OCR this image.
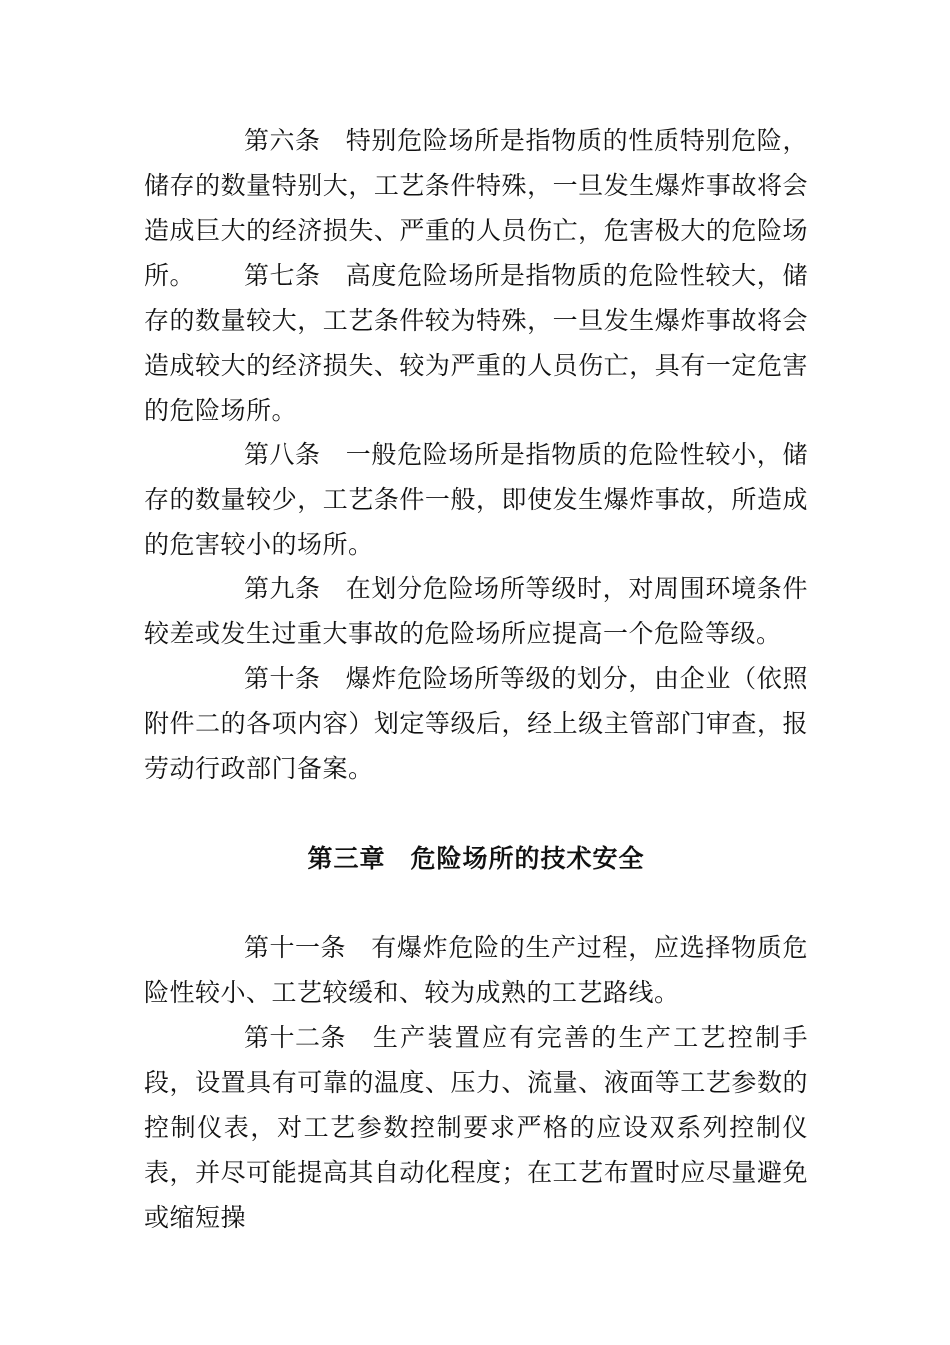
第六条 特别危险场所是指物质的性质特别危险，储存的数量特别大，工艺条件特殊，一旦发生爆炸事故将会造成巨大的经济损失、严重的人员伤亡，危害极大的危险场所。	第七条 高度危险场所是指物质的危险性较大，储存的数量较大，工艺条件较为特殊，一旦发生爆炸事故将会造成较大的经济损失、较为严重的人员伤亡，具有一定危害的危险场所。

第八条 一般危险场所是指物质的危险性较小，储存的数量较少，工艺条件一般，即使发生爆炸事故，所造成的危害较小的场所。

第九条 在划分危险场所等级时，对周围环境条件较差或发生过重大事故的危险场所应提高一个危险等级。

第十条 爆炸危险场所等级的划分，由企业（依照附件二的各项内容）划定等级后，经上级主管部门审查，报劳动行政部门备案。

第三章 危险场所的技术安全

第十一条 有爆炸危险的生产过程，应选择物质危险性较小、工艺较缓和、较为成熟的工艺路线。

第十二条 生产装置应有完善的生产工艺控制手段，设置具有可靠的温度、压力、流量、液面等工艺参数的控制仪表，对工艺参数控制要求严格的应设双系列控制仪表，并尽可能提高其自动化程度；在工艺布置时应尽量避免或缩短操
